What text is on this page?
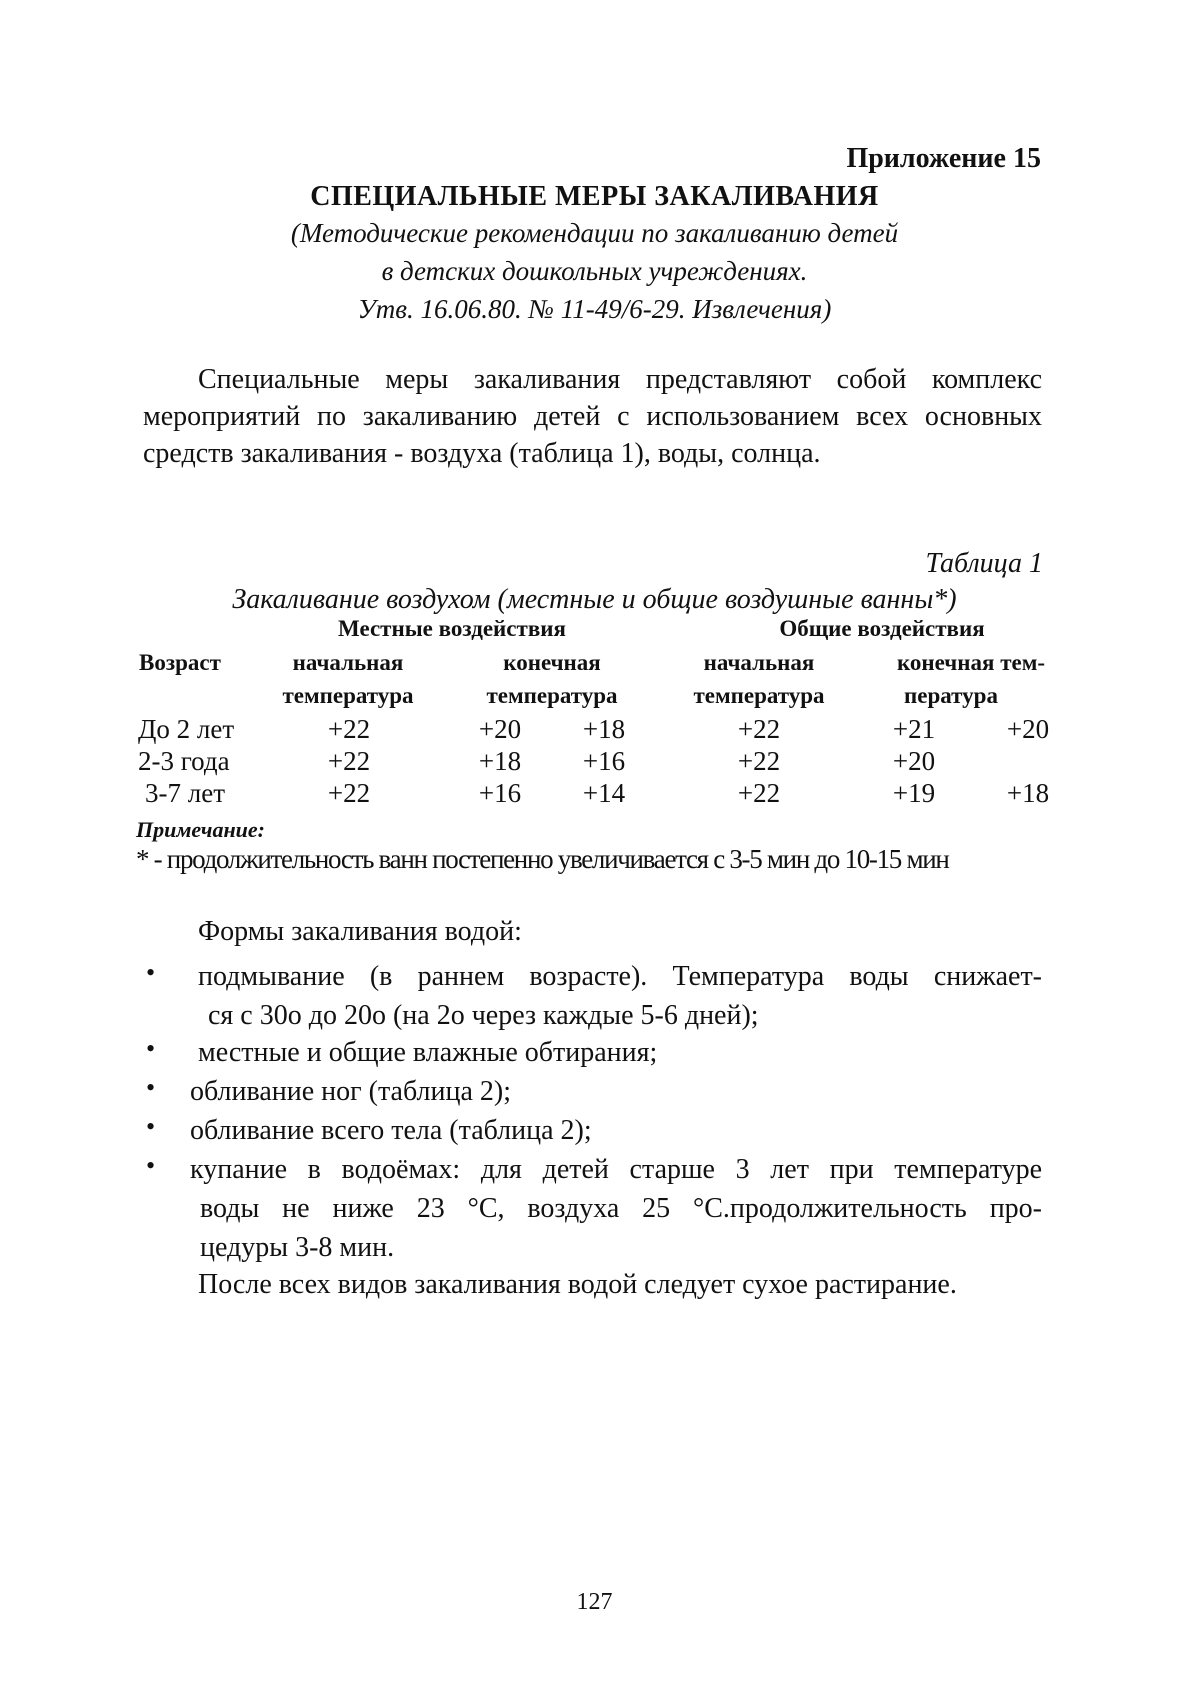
Приложение 15
СПЕЦИАЛЬНЫЕ МЕРЫ ЗАКАЛИВАНИЯ
(Методические рекомендации по закаливанию детей
в детских дошкольных учреждениях.
Утв. 16.06.80. № 11-49/6-29. Извлечения)
Специальные меры закаливания представляют собой комплекс мероприятий по закаливанию детей с использованием всех основных средств закаливания - воздуха (таблица 1), воды, солнца.
Таблица 1
Закаливание воздухом (местные и общие воздушные ванны*)
Местные воздействия	Общие воздействия
Возраст	начальная	конечная	начальная	конечная тем-
температура	температура	температура	пература
До 2 лет	+22	+20 +18	+22	+21	+20
2-3 года	+22	+18 +16	+22	+20
3-7 лет	+22	+16 +14	+22	+19	+18
Примечание:
* - продолжительность ванн постепенно увеличивается с 3-5 мин до 10-15 мин
Формы закаливания водой:
• подмывание (в раннем возрасте). Температура воды снижает-
ся с 30о до 20о (на 2о через каждые 5-6 дней);
• местные и общие влажные обтирания;
• обливание ног (таблица 2);
• обливание всего тела (таблица 2);
• купание в водоёмах: для детей старше 3 лет при температуре
воды не ниже 23 °С, воздуха 25 °С.продолжительность про-
цедуры 3-8 мин.
После всех видов закаливания водой следует сухое растирание.
127
